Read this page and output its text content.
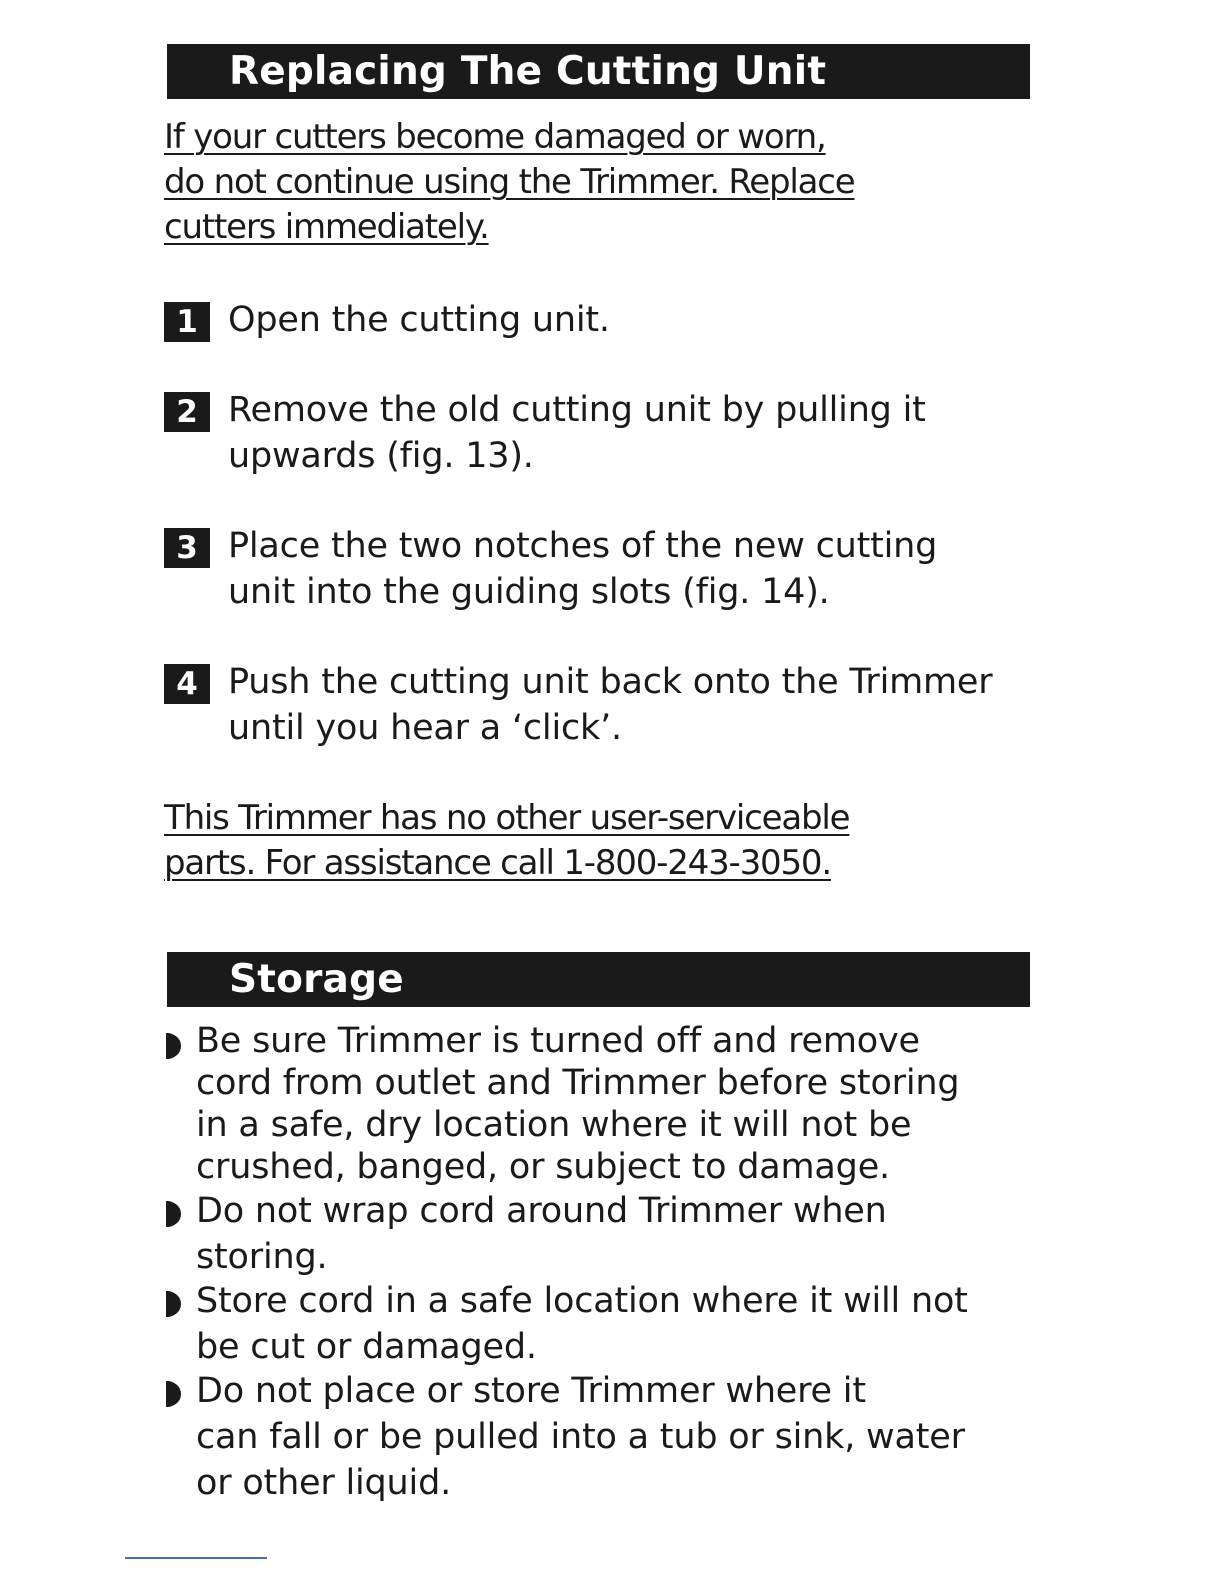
Replacing The Cutting Unit

If your cutters become damaged or worn,
do not continue using the Trimmer. Replace
cutters immediately.

1 Open the cutting unit.
2 Remove the old cutting unit by pulling it
upwards (fig. 13).
3 Place the two notches of the new cutting
unit into the guiding slots (fig. 14).
4 Push the cutting unit back onto the Trimmer
until you hear a ‘click’.

This Trimmer has no other user-serviceable
parts. For assistance call 1-800-243-3050.

Storage
Be sure Trimmer is turned off and remove
cord from outlet and Trimmer before storing
in a safe, dry location where it will not be
crushed, banged, or subject to damage.
Do not wrap cord around Trimmer when
storing.
Store cord in a safe location where it will not
be cut or damaged.
Do not place or store Trimmer where it
can fall or be pulled into a tub or sink, water
or other liquid.
